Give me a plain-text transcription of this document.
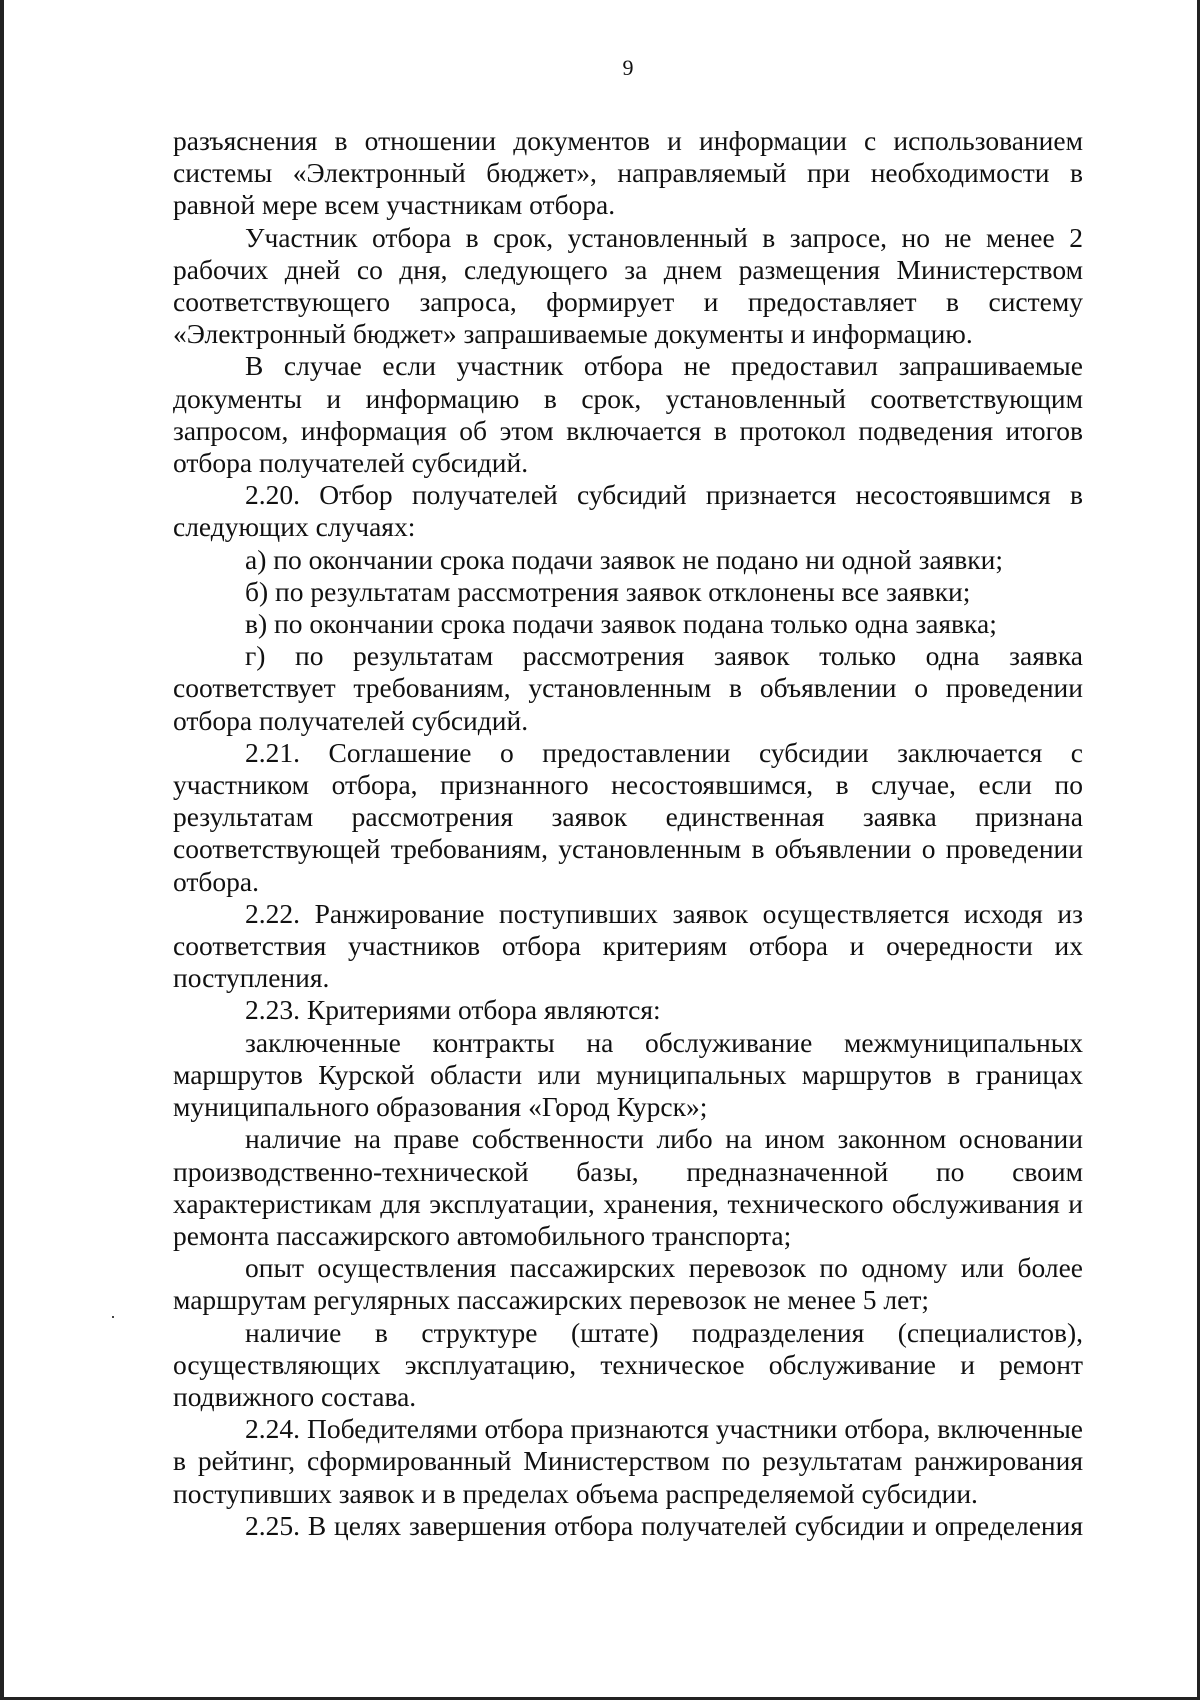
9

разъяснения в отношении документов и информации с использованием системы «Электронный бюджет», направляемый при необходимости в равной мере всем участникам отбора.

Участник отбора в срок, установленный в запросе, но не менее 2 рабочих дней со дня, следующего за днем размещения Министерством соответствующего запроса, формирует и предоставляет в систему «Электронный бюджет» запрашиваемые документы и информацию.

В случае если участник отбора не предоставил запрашиваемые документы и информацию в срок, установленный соответствующим запросом, информация об этом включается в протокол подведения итогов отбора получателей субсидий.

2.20. Отбор получателей субсидий признается несостоявшимся в следующих случаях:

а) по окончании срока подачи заявок не подано ни одной заявки;

б) по результатам рассмотрения заявок отклонены все заявки;

в) по окончании срока подачи заявок подана только одна заявка;

г) по результатам рассмотрения заявок только одна заявка соответствует требованиям, установленным в объявлении о проведении отбора получателей субсидий.

2.21. Соглашение о предоставлении субсидии заключается с участником отбора, признанного несостоявшимся, в случае, если по результатам рассмотрения заявок единственная заявка признана соответствующей требованиям, установленным в объявлении о проведении отбора.

2.22. Ранжирование поступивших заявок осуществляется исходя из соответствия участников отбора критериям отбора и очередности их поступления.

2.23. Критериями отбора являются:

заключенные контракты на обслуживание межмуниципальных маршрутов Курской области или муниципальных маршрутов в границах муниципального образования «Город Курск»;

наличие на праве собственности либо на ином законном основании производственно-технической базы, предназначенной по своим характеристикам для эксплуатации, хранения, технического обслуживания и ремонта пассажирского автомобильного транспорта;

опыт осуществления пассажирских перевозок по одному или более маршрутам регулярных пассажирских перевозок не менее 5 лет;

наличие в структуре (штате) подразделения (специалистов), осуществляющих эксплуатацию, техническое обслуживание и ремонт подвижного состава.

2.24. Победителями отбора признаются участники отбора, включенные в рейтинг, сформированный Министерством по результатам ранжирования поступивших заявок и в пределах объема распределяемой субсидии.

2.25. В целях завершения отбора получателей субсидии и определения
